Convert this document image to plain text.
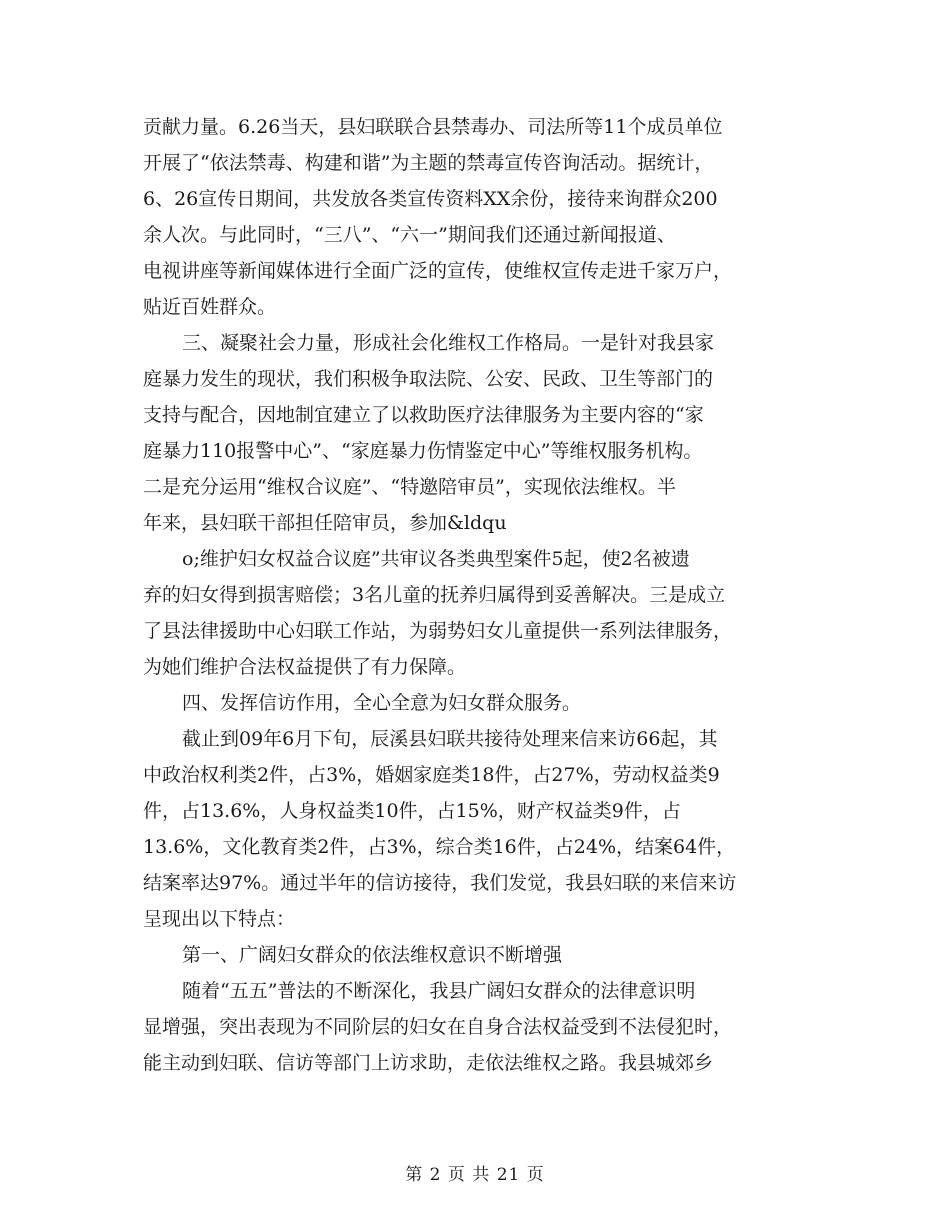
贡献力量。6.26当天，县妇联联合县禁毒办、司法所等11个成员单位
开展了“依法禁毒、构建和谐”为主题的禁毒宣传咨询活动。据统计，
6、26宣传日期间，共发放各类宣传资料XX余份，接待来询群众200
余人次。与此同时，“三八”、“六一”期间我们还通过新闻报道、
电视讲座等新闻媒体进行全面广泛的宣传，使维权宣传走进千家万户，
贴近百姓群众。
三、凝聚社会力量，形成社会化维权工作格局。一是针对我县家
庭暴力发生的现状，我们积极争取法院、公安、民政、卫生等部门的
支持与配合，因地制宜建立了以救助医疗法律服务为主要内容的“家
庭暴力110报警中心”、“家庭暴力伤情鉴定中心”等维权服务机构。
二是充分运用“维权合议庭”、“特邀陪审员”，实现依法维权。半
年来，县妇联干部担任陪审员，参加&ldqu
o;维护妇女权益合议庭”共审议各类典型案件5起，使2名被遗
弃的妇女得到损害赔偿；3名儿童的抚养归属得到妥善解决。三是成立
了县法律援助中心妇联工作站，为弱势妇女儿童提供一系列法律服务，
为她们维护合法权益提供了有力保障。
四、发挥信访作用，全心全意为妇女群众服务。
截止到09年6月下旬，辰溪县妇联共接待处理来信来访66起，其
中政治权利类2件，占3%，婚姻家庭类18件，占27%，劳动权益类9
件，占13.6%，人身权益类10件，占15%，财产权益类9件，占
13.6%，文化教育类2件，占3%，综合类16件，占24%，结案64件，
结案率达97%。通过半年的信访接待，我们发觉，我县妇联的来信来访
呈现出以下特点：
第一、广阔妇女群众的依法维权意识不断增强
随着“五五”普法的不断深化，我县广阔妇女群众的法律意识明
显增强，突出表现为不同阶层的妇女在自身合法权益受到不法侵犯时，
能主动到妇联、信访等部门上访求助，走依法维权之路。我县城郊乡
第 2 页 共 21 页
